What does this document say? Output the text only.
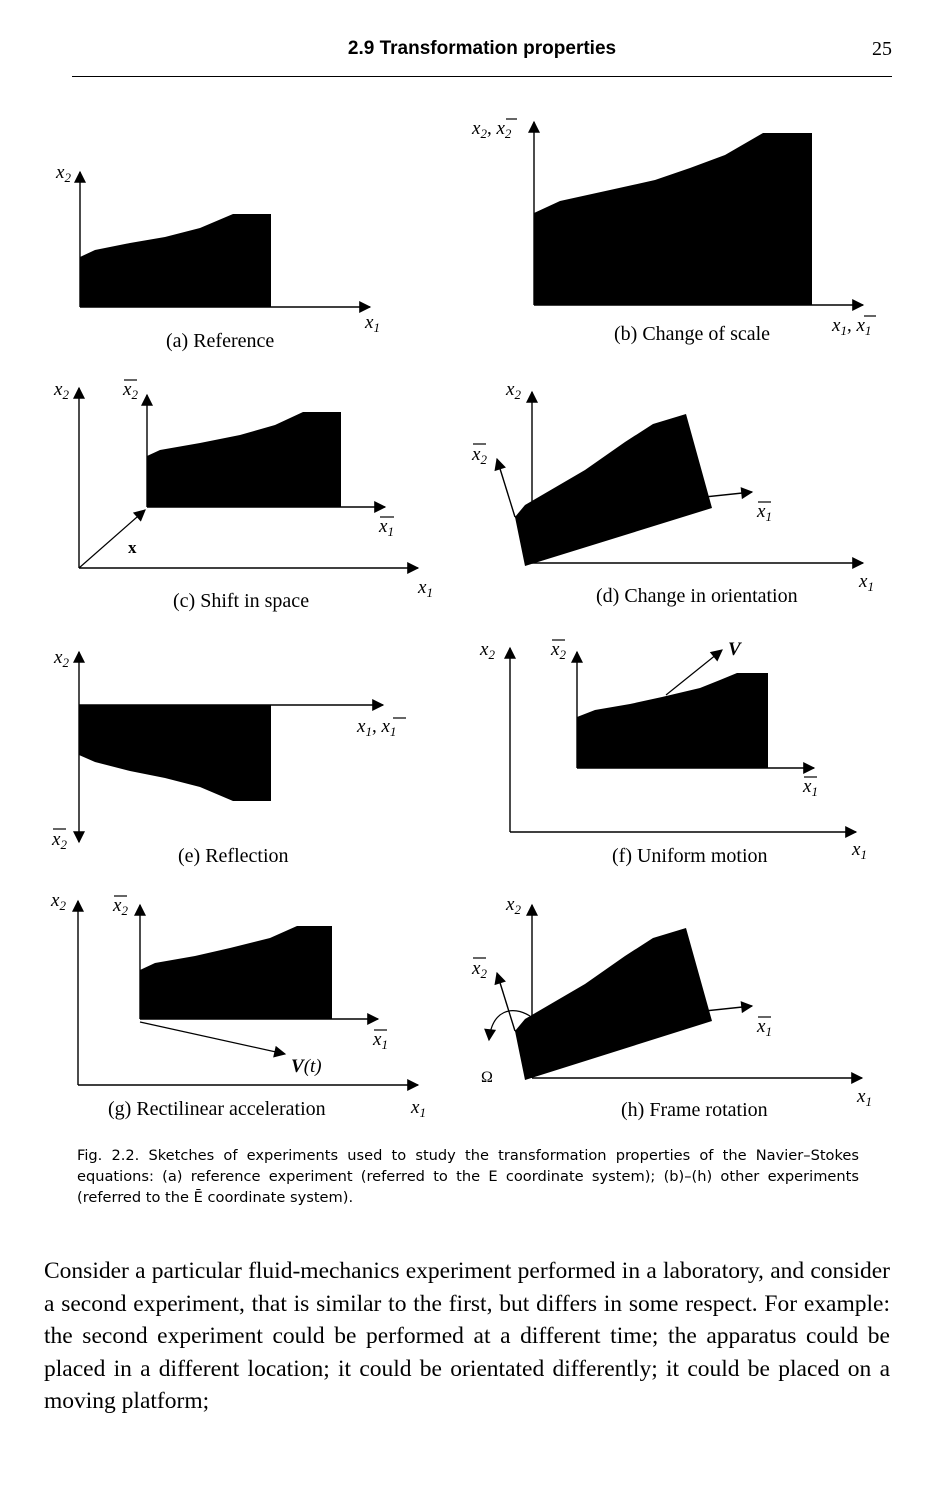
2.9 Transformation properties	25
$x_2$
$x_1$
(a) Reference
$x_2$, $x_2$
$x_1$, $x_1$
(b) Change of scale
$x_2$	$x_2$
$x_1$
x
$x_1$
(c) Shift in space
$x_2$
$x_2$
$x_1$
$x_1$
(d) Change in orientation
$x_2$
$x_2$
$x_1$, $x_1$
(e) Reflection
V
$x_2$	$x_2$
$x_1$
$x_1$
(f) Uniform motion
V(t)
$x_2$ $x_2$
$x_1$
$x_1$
(g) Rectilinear acceleration
Ω
$x_2$
$x_2$
$x_1$
$x_1$
(h) Frame rotation
Fig. 2.2. Sketches of experiments used to study the transformation properties of the Navier–Stokes equations: (a) reference experiment (referred to the E coordinate system); (b)–(h) other experiments (referred to the Ē coordinate system).
Consider a particular fluid-mechanics experiment performed in a laboratory, and consider a second experiment, that is similar to the first, but differs in some respect. For example: the second experiment could be performed at a different time; the apparatus could be placed in a different location; it could be orientated differently; it could be placed on a moving platform;
